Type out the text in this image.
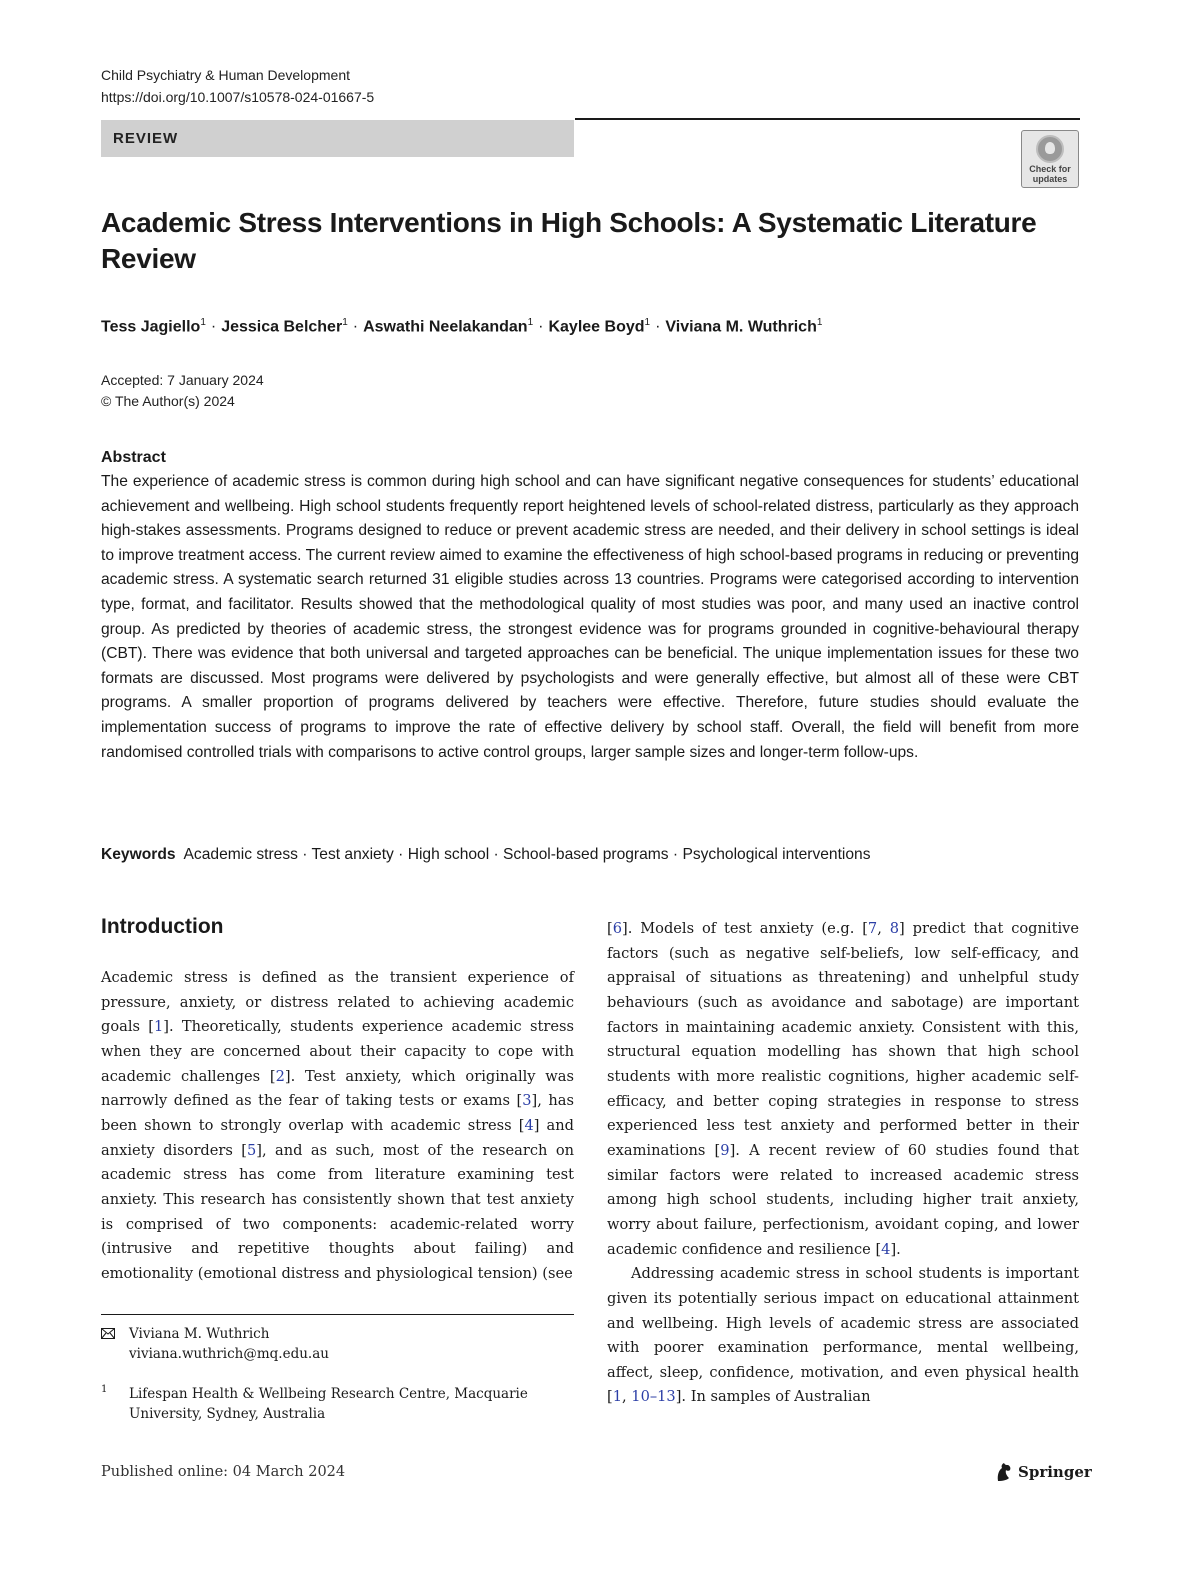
Child Psychiatry & Human Development
https://doi.org/10.1007/s10578-024-01667-5
REVIEW
Check for
updates
Academic Stress Interventions in High Schools: A Systematic Literature Review
Tess Jagiello$^1$ · Jessica Belcher$^1$ · Aswathi Neelakandan$^1$ · Kaylee Boyd$^1$ · Viviana M. Wuthrich$^1$
Accepted: 7 January 2024
© The Author(s) 2024
Abstract

The experience of academic stress is common during high school and can have significant negative consequences for students’ educational achievement and wellbeing. High school students frequently report heightened levels of school-related distress, particularly as they approach high-stakes assessments. Programs designed to reduce or prevent academic stress are needed, and their delivery in school settings is ideal to improve treatment access. The current review aimed to examine the effectiveness of high school-based programs in reducing or preventing academic stress. A systematic search returned 31 eligible studies across 13 countries. Programs were categorised according to intervention type, format, and facilitator. Results showed that the methodological quality of most studies was poor, and many used an inactive control group. As predicted by theories of academic stress, the strongest evidence was for programs grounded in cognitive-behavioural therapy (CBT). There was evidence that both universal and targeted approaches can be beneficial. The unique implementation issues for these two formats are discussed. Most programs were delivered by psychologists and were generally effective, but almost all of these were CBT programs. A smaller proportion of programs delivered by teachers were effective. Therefore, future studies should evaluate the implementation success of programs to improve the rate of effective delivery by school staff. Overall, the field will benefit from more randomised controlled trials with comparisons to active control groups, larger sample sizes and longer-term follow-ups.

Keywords Academic stress · Test anxiety · High school · School-based programs · Psychological interventions
Introduction

Academic stress is defined as the transient experience of pressure, anxiety, or distress related to achieving academic goals [1]. Theoretically, students experience academic stress when they are concerned about their capacity to cope with academic challenges [2]. Test anxiety, which originally was narrowly defined as the fear of taking tests or exams [3], has been shown to strongly overlap with academic stress [4] and anxiety disorders [5], and as such, most of the research on academic stress has come from literature examining test anxiety. This research has consistently shown that test anxiety is comprised of two components: academic-related worry (intrusive and repetitive thoughts about failing) and emotionality (emotional distress and physiological tension) (see

[6]. Models of test anxiety (e.g. [7, 8] predict that cognitive factors (such as negative self-beliefs, low self-efficacy, and appraisal of situations as threatening) and unhelpful study behaviours (such as avoidance and sabotage) are important factors in maintaining academic anxiety. Consistent with this, structural equation modelling has shown that high school students with more realistic cognitions, higher academic self-efficacy, and better coping strategies in response to stress experienced less test anxiety and performed better in their examinations [9]. A recent review of 60 studies found that similar factors were related to increased academic stress among high school students, including higher trait anxiety, worry about failure, perfectionism, avoidant coping, and lower academic confidence and resilience [4].

Addressing academic stress in school students is important given its potentially serious impact on educational attainment and wellbeing. High levels of academic stress are associated with poorer examination performance, mental wellbeing, affect, sleep, confidence, motivation, and even physical health [1, 10–13]. In samples of Australian

Viviana M. Wuthrich
viviana.wuthrich@mq.edu.au
1 Lifespan Health & Wellbeing Research Centre, Macquarie University, Sydney, Australia
Published online: 04 March 2024	Springer
